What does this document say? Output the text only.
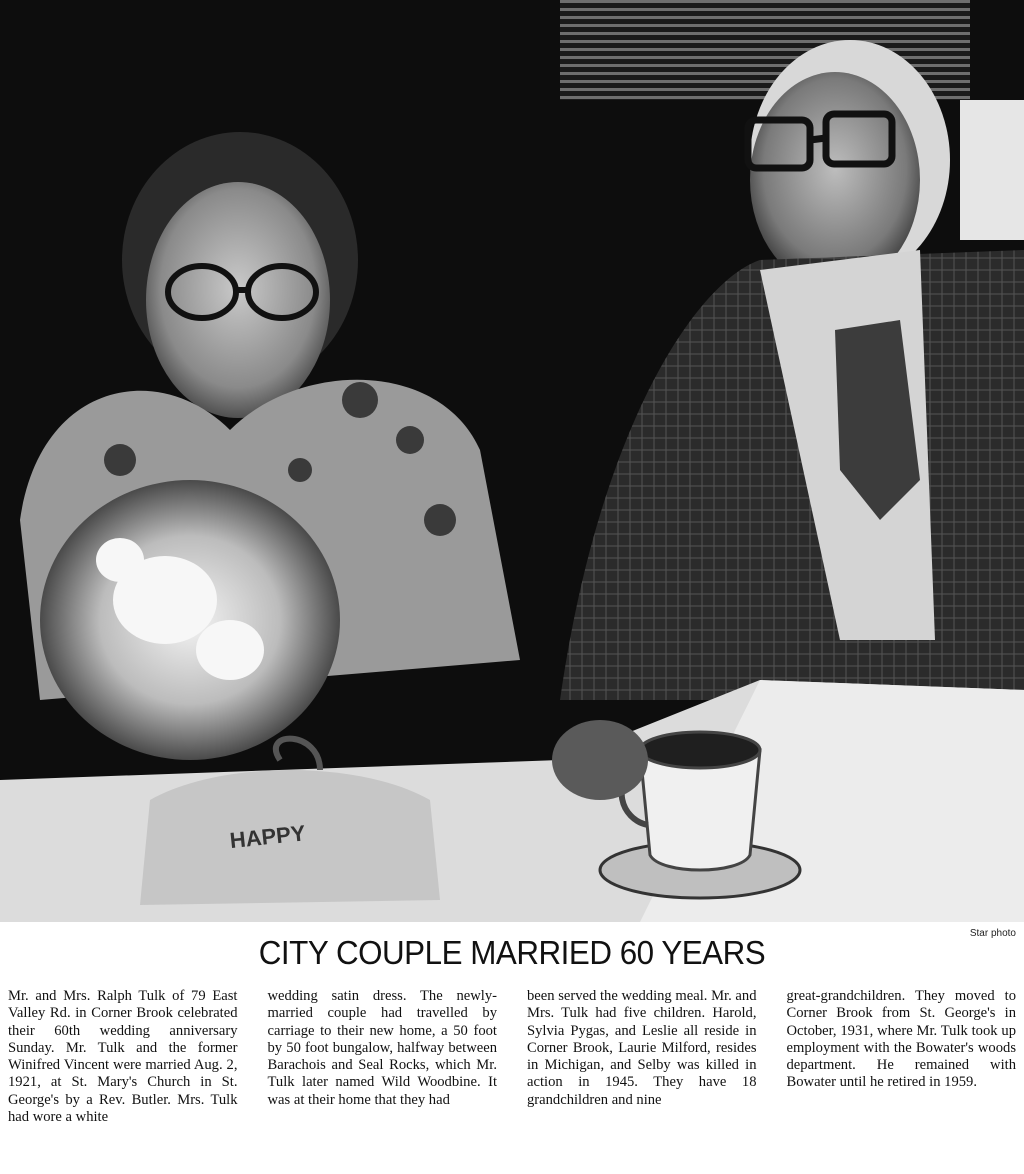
HAPPY
Star photo
CITY COUPLE MARRIED 60 YEARS
Mr. and Mrs. Ralph Tulk of 79 East Valley Rd. in Corner Brook celebrated their 60th wedding anniversary Sunday. Mr. Tulk and the former Winifred Vincent were married Aug. 2, 1921, at St. Mary's Church in St. George's by a Rev. Butler. Mrs. Tulk had wore a white
wedding satin dress. The newly-married couple had travelled by carriage to their new home, a 50 foot by 50 foot bungalow, halfway between Barachois and Seal Rocks, which Mr. Tulk later named Wild Woodbine. It was at their home that they had
been served the wedding meal. Mr. and Mrs. Tulk had five children. Harold, Sylvia Pygas, and Leslie all reside in Corner Brook, Laurie Milford, resides in Michigan, and Selby was killed in action in 1945. They have 18 grandchildren and nine
great-grandchildren. They moved to Corner Brook from St. George's in October, 1931, where Mr. Tulk took up employment with the Bowater's woods department. He remained with Bowater until he retired in 1959.
